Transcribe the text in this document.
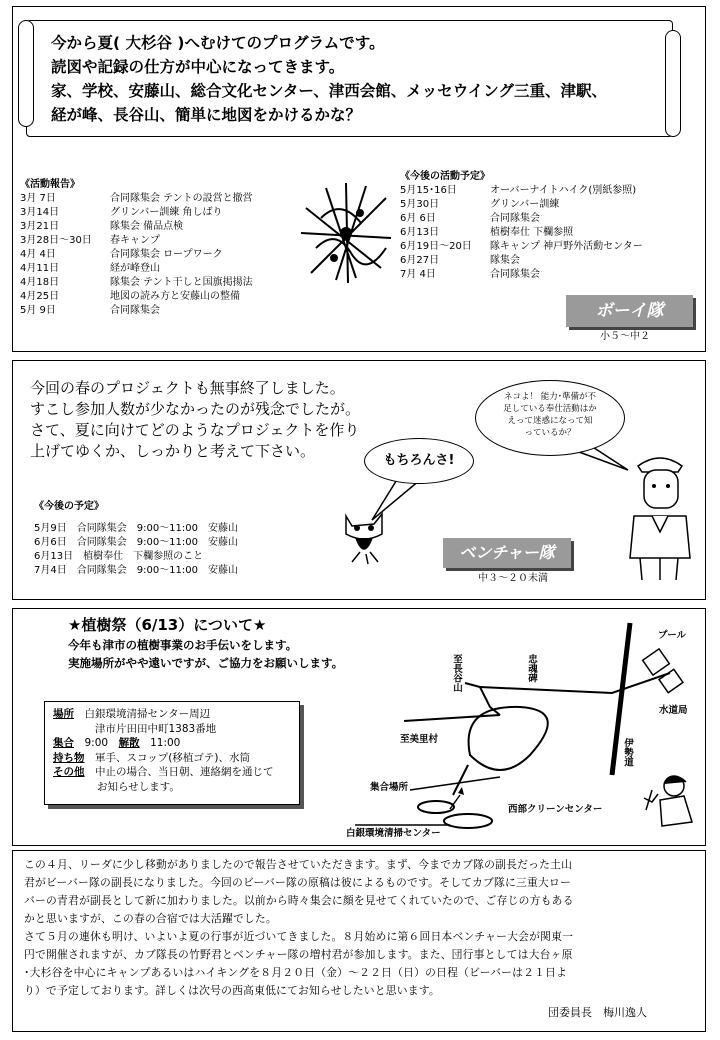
今から夏( 大杉谷 )へむけてのプログラムです。
読図や記録の仕方が中心になってきます。
家、学校、安藤山、総合文化センター、津西会館、メッセウイング三重、津駅、
経が峰、長谷山、簡単に地図をかけるかな？
《活動報告》
3月 7日	合同隊集会 テントの設営と撤営
3月14日	グリンバー訓練 角しばり
3月21日	隊集会 備品点検
3月28日～30日	春キャンプ
4月 4日	合同隊集会 ロープワーク
4月11日	経が峰登山
4月18日	隊集会 テント干しと国旗掲揚法
4月25日	地図の読み方と安藤山の整備
5月 9日	合同隊集会
《今後の活動予定》
5月15･16日	オーバーナイトハイク(別紙参照)
5月30日	グリンバー訓練
6月 6日	合同隊集会
6月13日	植樹奉仕 下欄参照
6月19日～20日	隊キャンプ 神戸野外活動センター
6月27日	隊集会
7月 4日	合同隊集会
ボーイ隊
小５～中２
今回の春のプロジェクトも無事終了しました。
すこし参加人数が少なかったのが残念でしたが。
さて、夏に向けてどのようなプロジェクトを作り
上げてゆくか、しっかりと考えて下さい。
ネコよ！ 能力･準備が不
足している奉仕活動はか
えって迷惑になって知
っているか？
もちろんさ!
《今後の予定》
5月9日　合同隊集会　9:00～11:00　安藤山
6月6日　合同隊集会　9:00～11:00　安藤山
6月13日　植樹奉仕　下欄参照のこと
7月4日　合同隊集会　9:00～11:00　安藤山
ベンチャー隊
中３～２０未満
★植樹祭（6/13）について★
今年も津市の植樹事業のお手伝いをします。
実施場所がやや遠いですが、ご協力をお願いします。
場所　 白銀環境清掃センター周辺
津市片田田中町1383番地
集合　 9:00　 解散　 11:00
持ち物　 軍手、スコップ(移植ゴテ)、水筒
その他　 中止の場合、当日朝、連絡網を通じて
お知らせします。
プール
水道局
至長谷山	忠魂碑
至美里村	伊勢道
集合場所
西部クリーンセンター
白銀環境清掃センター
この４月、リーダに少し移動がありましたので報告させていただきます。まず、今までカブ隊の副長だった土山
君がビーバー隊の副長になりました。今回のビーバー隊の原稿は彼によるものです。そしてカブ隊に三重大ロー
バーの青君が副長として新に加わりました。以前から時々集会に顔を見せてくれていたので、ご存じの方もある
かと思いますが、この春の合宿では大活躍でした。
さて５月の連休も明け、いよいよ夏の行事が近づいてきました。８月始めに第６回日本ベンチャー大会が関東一
円で開催されますが、カブ隊長の竹野君とベンチャー隊の増村君が参加します。また、団行事としては大台ヶ原
･大杉谷を中心にキャンプあるいはハイキングを８月２０日（金）～２２日（日）の日程（ビーバーは２１日よ
り）で予定しております。詳しくは次号の西高東低にてお知らせしたいと思います。
団委員長　梅川逸人
